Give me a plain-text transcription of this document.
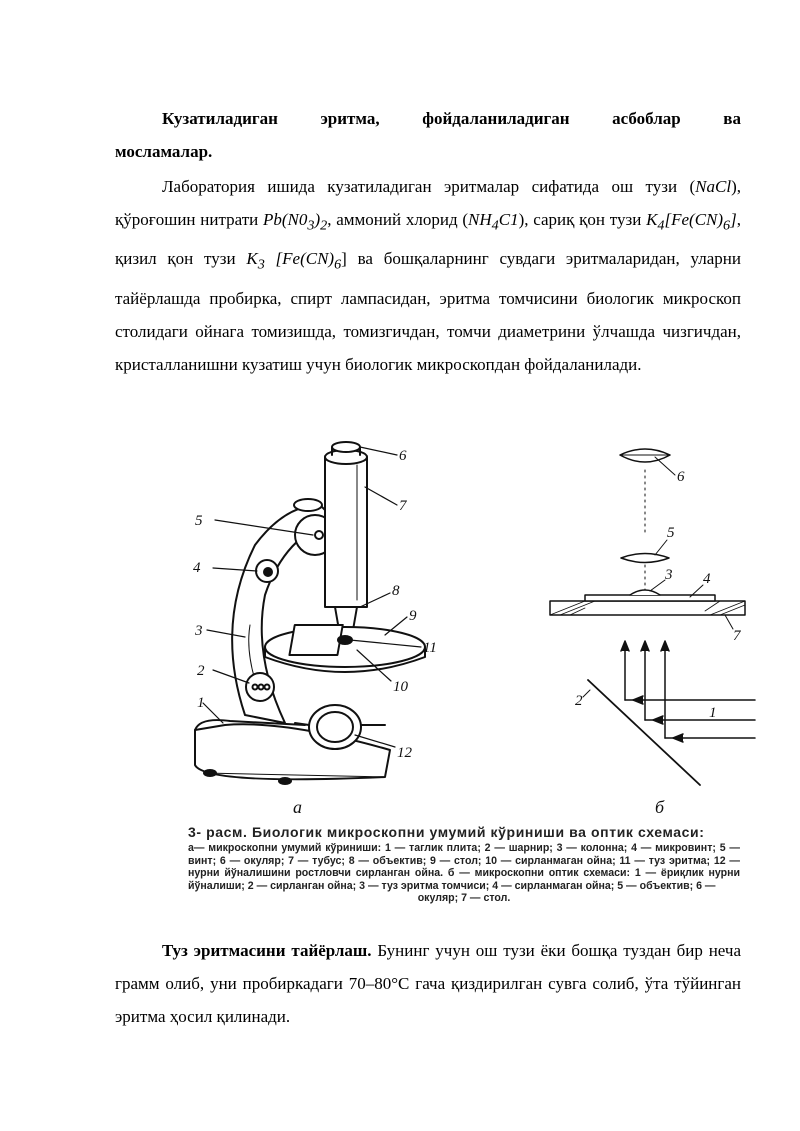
Кузатиладиган эритма, фойдаланиладиган асбоблар ва
мосламалар.

Лаборатория ишида кузатиладиган эритмалар сифатида ош тузи (NaCl), қўроғошин нитрати $Pb(N0_3)_2$, аммоний хлорид $(NH_4C1)$, сариқ қон тузи $K_4[Fe(CN)_6]$, қизил қон тузи $K_3$ $[Fe(CN)_6]$ ва бошқаларнинг сувдаги эритмаларидан, уларни тайёрлашда пробирка, спирт лампасидан, эритма томчисини биологик микроскоп столидаги ойнага томизишда, томизгичдан, томчи диаметрини ўлчашда чизгичдан, кристалланишни кузатиш учун биологик микроскопдан фойдаланилади.

6
7
5
4
8
9
3
11
2
10
1
12
а
6
5
3 4
7
2
1
б
3- расм. Биологик микроскопни умумий кўриниши ва оптик схемаси:
а— микроскопни умумий кўриниши: 1 — таглик плита; 2 — шарнир; 3 — колонна; 4 — микровинт; 5 — винт; 6 — окуляр; 7 — тубус; 8 — объектив; 9 — стол; 10 — сирланмаган ойна; 11 — туз эритма; 12 — нурни йўналишини ростловчи сирланган ойна. б — микроскопни оптик схемаси: 1 — ёриқлик нурни йўналиши; 2 — сирланган ойна; 3 — туз эритма томчиси; 4 — сирланмаган ойна; 5 — объектив; 6 —
окуляр; 7 — стол.

Туз эритмасини тайёрлаш. Бунинг учун ош тузи ёки бошқа туздан бир неча грамм олиб, уни пробиркадаги 70–80°С гача қиздирилган сувга солиб, ўта тўйинган эритма ҳосил қилинади.
